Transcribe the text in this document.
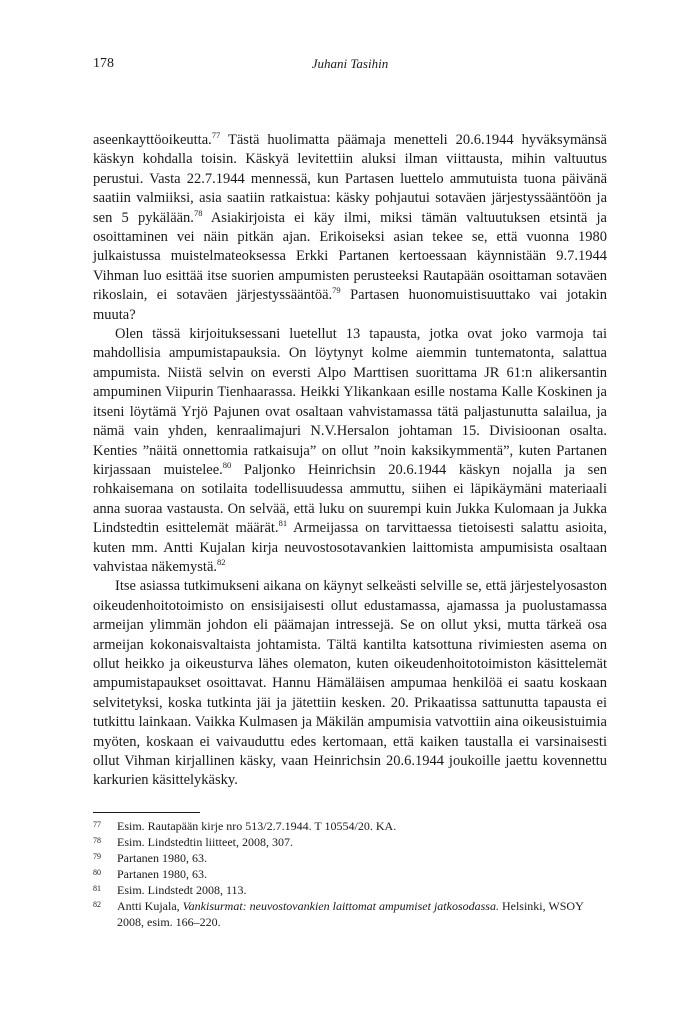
178	Juhani Tasihin

aseenkayttöoikeutta.$^{77}$ Tästä huolimatta päämaja menetteli 20.6.1944 hyväksymänsä käskyn kohdalla toisin. Käskyä levitettiin aluksi ilman viittausta, mihin valtuutus perustui. Vasta 22.7.1944 mennessä, kun Partasen luettelo ammutuista tuona päivänä saatiin valmiiksi, asia saatiin ratkaistua: käsky pohjautui sotaväen järjestyssääntöön ja sen 5 pykälään.$^{78}$ Asiakirjoista ei käy ilmi, miksi tämän valtuutuksen etsintä ja osoittaminen vei näin pitkän ajan. Erikoiseksi asian tekee se, että vuonna 1980 julkaistussa muistelmateoksessa Erkki Partanen kertoessaan käynnistään 9.7.1944 Vihman luo esittää itse suorien ampumisten perusteeksi Rautapään osoittaman sotaväen rikoslain, ei sotaväen järjestyssääntöä.$^{79}$ Partasen huonomuistisuuttako vai jotakin muuta?

Olen tässä kirjoituksessani luetellut 13 tapausta, jotka ovat joko varmoja tai mahdollisia ampumistapauksia. On löytynyt kolme aiemmin tuntematonta, salattua ampumista. Niistä selvin on eversti Alpo Marttisen suorittama JR 61:n alikersantin ampuminen Viipurin Tienhaarassa. Heikki Ylikankaan esille nostama Kalle Koskinen ja itseni löytämä Yrjö Pajunen ovat osaltaan vahvistamassa tätä paljastunutta salailua, ja nämä vain yhden, kenraalimajuri N.V.Hersalon johtaman 15. Divisioonan osalta. Kenties ”näitä onnettomia ratkaisuja” on ollut ”noin kaksikymmentä”, kuten Partanen kirjassaan muistelee.$^{80}$ Paljonko Heinrichsin 20.6.1944 käskyn nojalla ja sen rohkaisemana on sotilaita todellisuudessa ammuttu, siihen ei läpikäymäni materiaali anna suoraa vastausta. On selvää, että luku on suurempi kuin Jukka Kulomaan ja Jukka Lindstedtin esittelemät määrät.$^{81}$ Armeijassa on tarvittaessa tietoisesti salattu asioita, kuten mm. Antti Kujalan kirja neuvostosotavankien laittomista ampumisista osaltaan vahvistaa näkemystä.$^{82}$

Itse asiassa tutkimukseni aikana on käynyt selkeästi selville se, että järjestelyosaston oikeudenhoitotoimisto on ensisijaisesti ollut edustamassa, ajamassa ja puolustamassa armeijan ylimmän johdon eli päämajan intressejä. Se on ollut yksi, mutta tärkeä osa armeijan kokonaisvaltaista johtamista. Tältä kantilta katsottuna rivimiesten asema on ollut heikko ja oikeusturva lähes olematon, kuten oikeudenhoitotoimiston käsittelemät ampumistapaukset osoittavat. Hannu Hämäläisen ampumaa henkilöä ei saatu koskaan selvitetyksi, koska tutkinta jäi ja jätettiin kesken. 20. Prikaatissa sattunutta tapausta ei tutkittu lainkaan. Vaikka Kulmasen ja Mäkilän ampumisia vatvottiin aina oikeusistuimia myöten, koskaan ei vaivauduttu edes kertomaan, että kaiken taustalla ei varsinaisesti ollut Vihman kirjallinen käsky, vaan Heinrichsin 20.6.1944 joukoille jaettu kovennettu karkurien käsittelykäsky.

77	Esim. Rautapään kirje nro 513/2.7.1944. T 10554/20. KA.
78	Esim. Lindstedtin liitteet, 2008, 307.
79	Partanen 1980, 63.
80	Partanen 1980, 63.
81	Esim. Lindstedt 2008, 113.
82	Antti Kujala, Vankisurmat: neuvostovankien laittomat ampumiset jatkosodassa. Helsinki, WSOY 2008, esim. 166–220.
